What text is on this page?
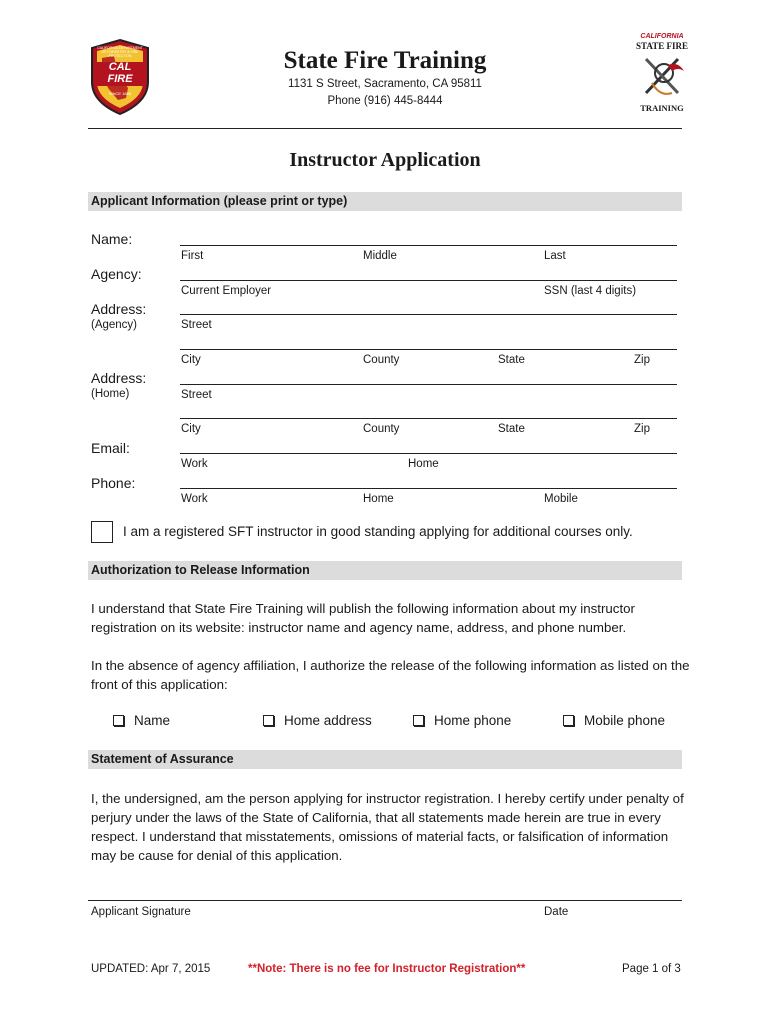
CALIFORNIA DEPARTMENT OF FORESTRY & FIRE PROTECTION
CAL
FIRE
SINCE 1885
State Fire Training
1131 S Street, Sacramento, CA 95811
Phone (916) 445-8444
CALIFORNIA
STATE FIRE
TRAINING
Instructor Application
Applicant Information (please print or type)
Name:
First	Middle	Last
Agency:
Current Employer	SSN (last 4 digits)
Address:
(Agency)	Street
City	County	State	Zip
Address:
(Home)	Street
City	County	State	Zip
Email:
Work	Home
Phone:
Work	Home	Mobile
I am a registered SFT instructor in good standing applying for additional courses only.
Authorization to Release Information
I understand that State Fire Training will publish the following information about my instructor registration on its website: instructor name and agency name, address, and phone number.
In the absence of agency affiliation, I authorize the release of the following information as listed on the front of this application:
Name	Home address	Home phone	Mobile phone
Statement of Assurance
I, the undersigned, am the person applying for instructor registration. I hereby certify under penalty of perjury under the laws of the State of California, that all statements made herein are true in every respect. I understand that misstatements, omissions of material facts, or falsification of information may be cause for denial of this application.
Applicant Signature	Date
UPDATED: Apr 7, 2015	**Note: There is no fee for Instructor Registration**	Page 1 of 3
